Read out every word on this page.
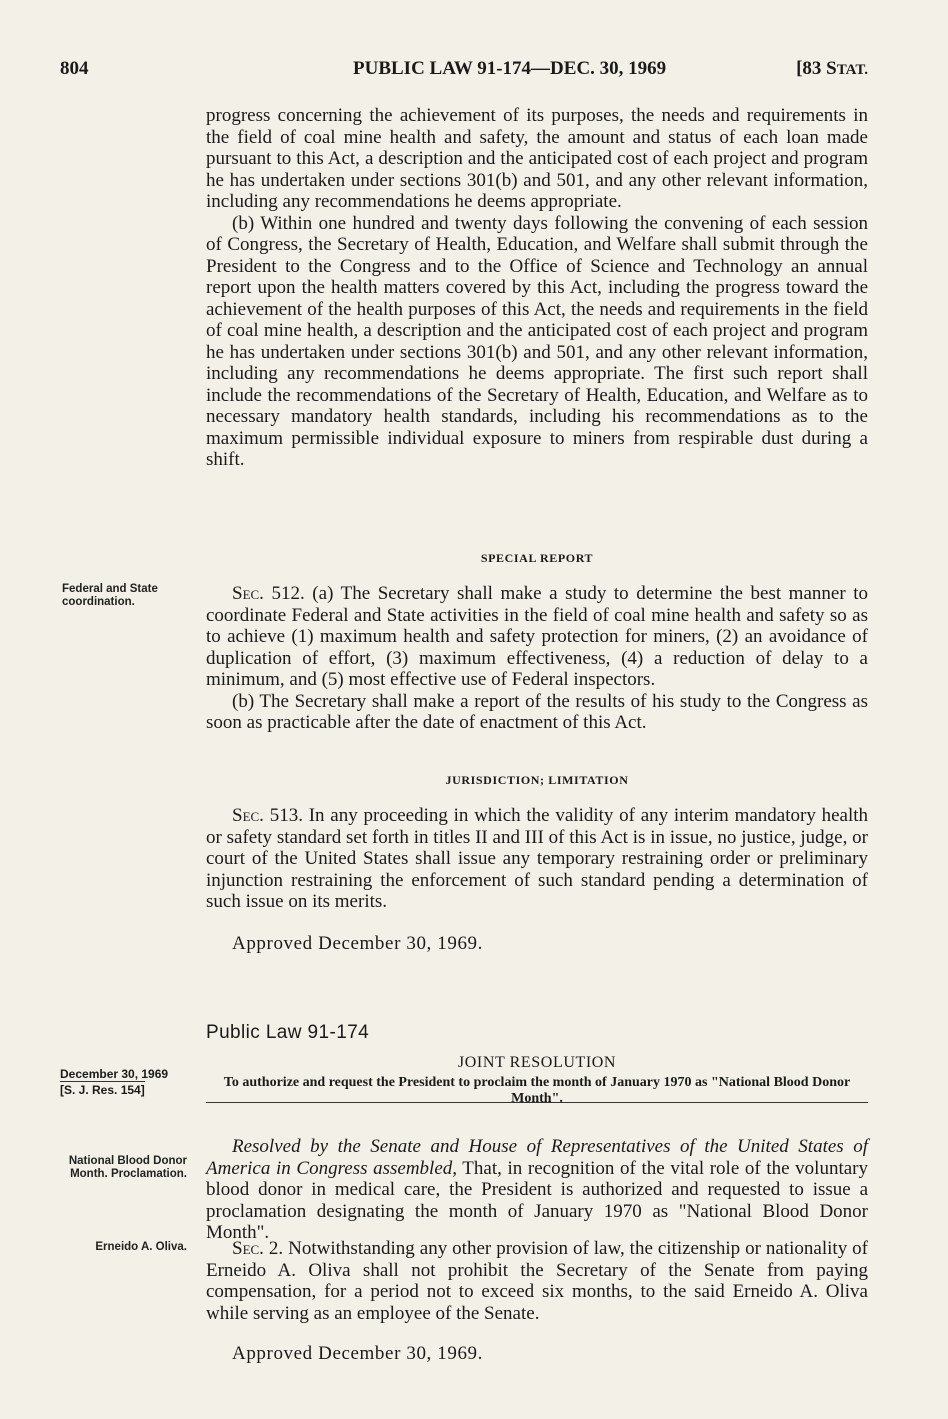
804	PUBLIC LAW 91-174—DEC. 30, 1969	[83 STAT.

progress concerning the achievement of its purposes, the needs and requirements in the field of coal mine health and safety, the amount and status of each loan made pursuant to this Act, a description and the anticipated cost of each project and program he has undertaken under sections 301(b) and 501, and any other relevant information, including any recommendations he deems appropriate.

(b) Within one hundred and twenty days following the convening of each session of Congress, the Secretary of Health, Education, and Welfare shall submit through the President to the Congress and to the Office of Science and Technology an annual report upon the health matters covered by this Act, including the progress toward the achievement of the health purposes of this Act, the needs and requirements in the field of coal mine health, a description and the anticipated cost of each project and program he has undertaken under sections 301(b) and 501, and any other relevant information, including any recommendations he deems appropriate. The first such report shall include the recommendations of the Secretary of Health, Education, and Welfare as to necessary mandatory health standards, including his recommendations as to the maximum permissible individual exposure to miners from respirable dust during a shift.

SPECIAL REPORT
Federal and State coordination.	Sec. 512. (a) The Secretary shall make a study to determine the best manner to coordinate Federal and State activities in the field of coal mine health and safety so as to achieve (1) maximum health and safety protection for miners, (2) an avoidance of duplication of effort, (3) maximum effectiveness, (4) a reduction of delay to a minimum, and (5) most effective use of Federal inspectors.

(b) The Secretary shall make a report of the results of his study to the Congress as soon as practicable after the date of enactment of this Act.

JURISDICTION; LIMITATION

Sec. 513. In any proceeding in which the validity of any interim mandatory health or safety standard set forth in titles II and III of this Act is in issue, no justice, judge, or court of the United States shall issue any temporary restraining order or preliminary injunction restraining the enforcement of such standard pending a determination of such issue on its merits.

Approved December 30, 1969.
Public Law 91-174
December 30, 1969
[S. J. Res. 154]
JOINT RESOLUTION
To authorize and request the President to proclaim the month of January 1970 as "National Blood Donor Month".
National Blood Donor Month. Proclamation.

Resolved by the Senate and House of Representatives of the United States of America in Congress assembled, That, in recognition of the vital role of the voluntary blood donor in medical care, the President is authorized and requested to issue a proclamation designating the month of January 1970 as "National Blood Donor Month".

Erneido A. Oliva.	Sec. 2. Notwithstanding any other provision of law, the citizenship or nationality of Erneido A. Oliva shall not prohibit the Secretary of the Senate from paying compensation, for a period not to exceed six months, to the said Erneido A. Oliva while serving as an employee of the Senate.

Approved December 30, 1969.
